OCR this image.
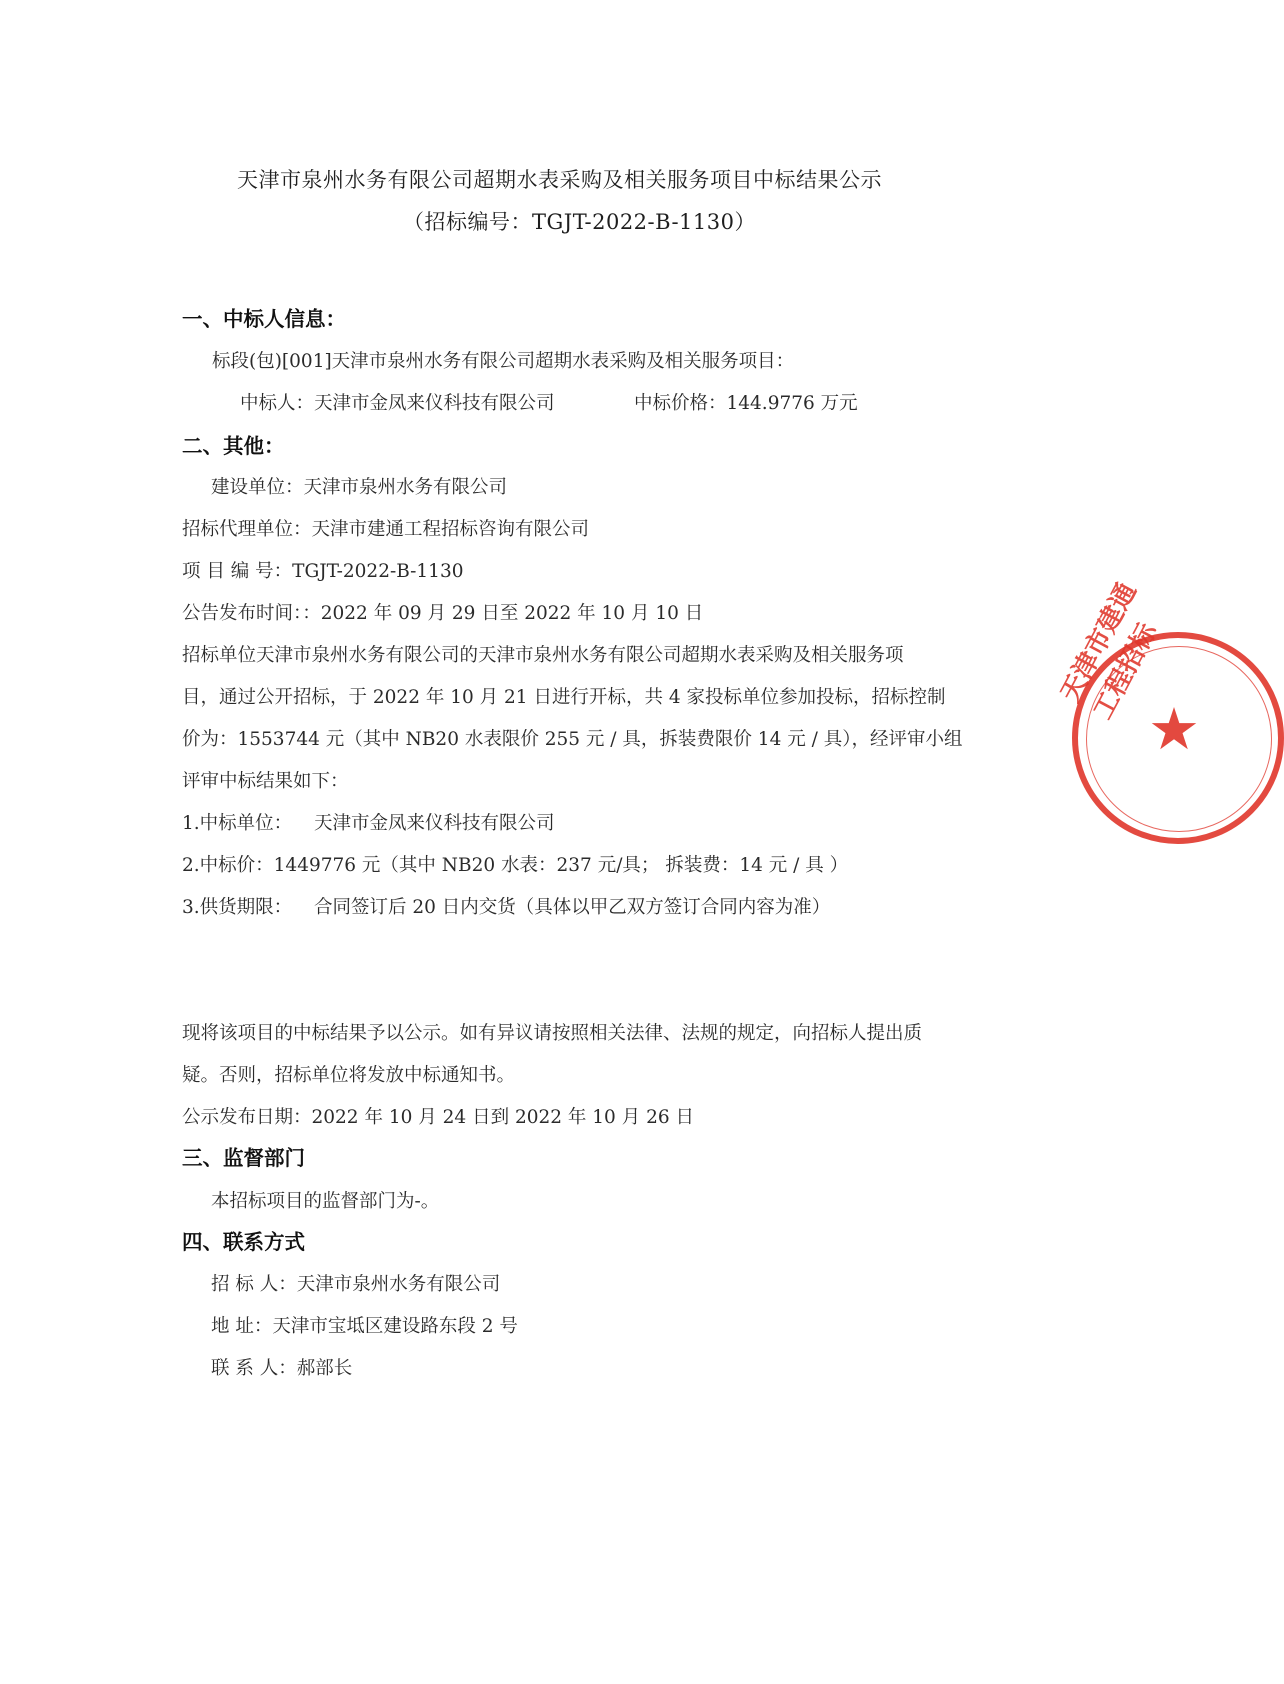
天津市泉州水务有限公司超期水表采购及相关服务项目中标结果公示
（招标编号：TGJT-2022-B-1130）
一、中标人信息：
标段(包)[001]天津市泉州水务有限公司超期水表采购及相关服务项目：
中标人：天津市金凤来仪科技有限公司	中标价格：144.9776 万元
二、其他：
建设单位：天津市泉州水务有限公司
招标代理单位：天津市建通工程招标咨询有限公司
项 目 编 号：TGJT-2022-B-1130
公告发布时间：：2022 年 09 月 29 日至 2022 年 10 月 10 日
招标单位天津市泉州水务有限公司的天津市泉州水务有限公司超期水表采购及相关服务项
目，通过公开招标，于 2022 年 10 月 21 日进行开标，共 4 家投标单位参加投标，招标控制
价为：1553744 元（其中 NB20 水表限价 255 元 / 具，拆装费限价 14 元 / 具），经评审小组
评审中标结果如下：
1.中标单位： 天津市金凤来仪科技有限公司
2.中标价：1449776 元（其中 NB20 水表：237 元/具； 拆装费：14 元 / 具 ）
3.供货期限： 合同签订后 20 日内交货（具体以甲乙双方签订合同内容为准）
现将该项目的中标结果予以公示。如有异议请按照相关法律、法规的规定，向招标人提出质
疑。否则，招标单位将发放中标通知书。
公示发布日期：2022 年 10 月 24 日到 2022 年 10 月 26 日
三、监督部门
本招标项目的监督部门为-。
四、联系方式
招 标 人：天津市泉州水务有限公司
地 址：天津市宝坻区建设路东段 2 号
联 系 人：郝部长
天津市建通工程招标
★
